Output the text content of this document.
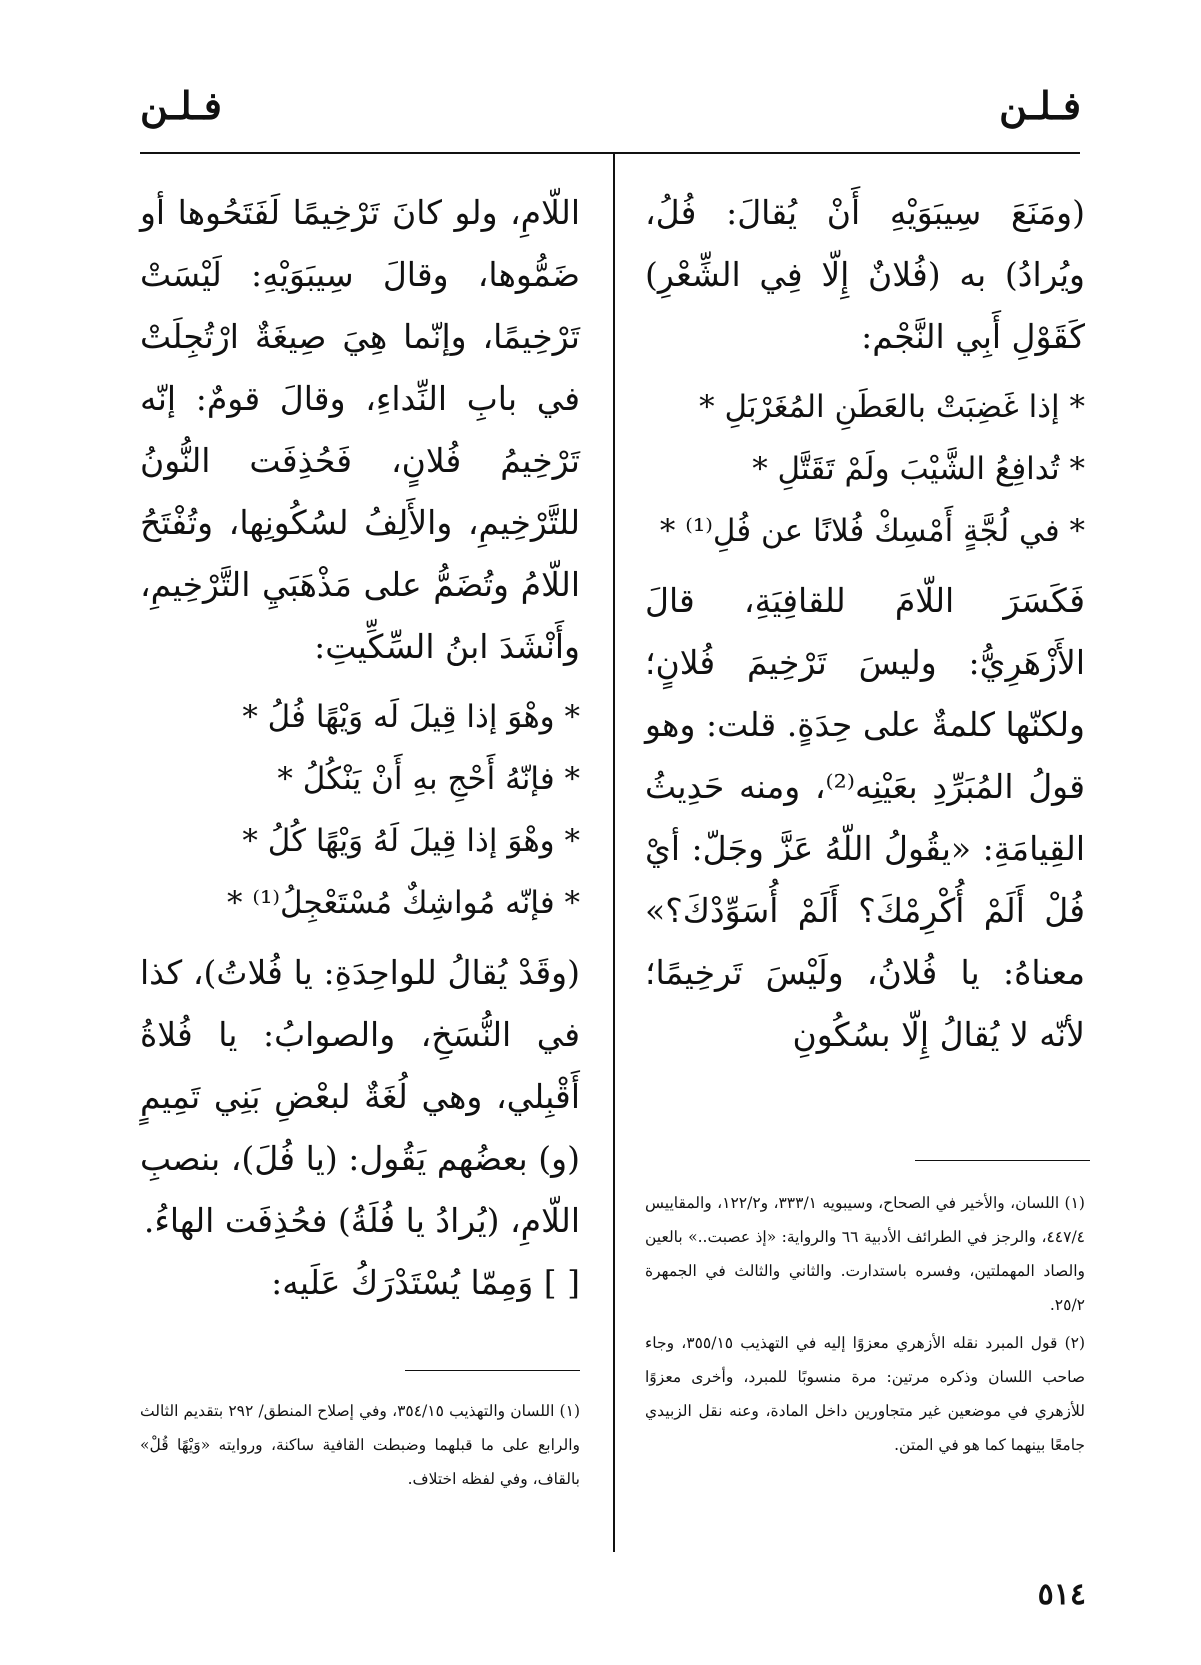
فـلـن
فـلـن

(ومَنَعَ سِيبَوَيْهِ أَنْ يُقالَ: فُلُ، ويُرادُ) به (فُلانٌ إِلّا فِي الشِّعْرِ) كَقَوْلِ أَبِي النَّجْم:

* إذا غَضِبَتْ بالعَطَنِ المُغَرْبَلِ *
* تُدافِعُ الشَّيْبَ ولَمْ تَقَتَّلِ *
* في لُجَّةٍ أَمْسِكْ فُلانًا عن فُلِ⁽¹⁾ *

فَكَسَرَ اللّامَ للقافِيَةِ، قالَ الأَزْهَرِيُّ: وليسَ تَرْخِيمَ فُلانٍ؛ ولكنّها كلمةٌ على حِدَةٍ. قلت: وهو قولُ المُبَرِّدِ بعَيْنِه⁽²⁾، ومنه حَدِيثُ القِيامَةِ: «يقُولُ اللّهُ عَزَّ وجَلّ: أيْ فُلْ أَلَمْ أُكْرِمْكَ؟ أَلَمْ أُسَوِّدْكَ؟» معناهُ: يا فُلانُ، ولَيْسَ تَرخِيمًا؛ لأنّه لا يُقالُ إِلّا بسُكُونِ

اللّامِ، ولو كانَ تَرْخِيمًا لَفَتَحُوها أو ضَمُّوها، وقالَ سِيبَوَيْهِ: لَيْسَتْ تَرْخِيمًا، وإنّما هِيَ صِيغَةٌ ارْتُجِلَتْ في بابِ النِّداءِ، وقالَ قومٌ: إنّه تَرْخِيمُ فُلانٍ، فَحُذِفَت النُّونُ للتَّرْخِيمِ، والأَلِفُ لسُكُونِها، وتُفْتَحُ اللّامُ وتُضَمُّ على مَذْهَبَيِ التَّرْخِيمِ، وأَنْشَدَ ابنُ السِّكِّيتِ:

* وهْوَ إذا قِيلَ لَه وَيْهًا فُلُ *
* فإنّهُ أَحْجِ بهِ أَنْ يَنْكُلُ *
* وهْوَ إذا قِيلَ لَهُ وَيْهًا كُلُ *
* فإنّه مُواشِكٌ مُسْتَعْجِلُ⁽¹⁾ *

(وقَدْ يُقالُ للواحِدَةِ: يا فُلاتُ)، كذا في النُّسَخِ، والصوابُ: يا فُلاةُ أَقْبِلي، وهي لُغَةٌ لبعْضِ بَنِي تَمِيمٍ (و) بعضُهم يَقُول: (يا فُلَ)، بنصبِ اللّامِ، (يُرادُ يا فُلَةُ) فحُذِفَت الهاءُ.

[ ] وَمِمّا يُسْتَدْرَكُ عَلَيه:

(١) اللسان، والأخير في الصحاح، وسيبويه ٣٣٣/١، و١٢٢/٢، والمقاييس ٤٤٧/٤، والرجز في الطرائف الأدبية ٦٦ والرواية: «إذ عصبت..» بالعين والصاد المهملتين، وفسره باستدارت. والثاني والثالث في الجمهرة ٢٥/٢.

(٢) قول المبرد نقله الأزهري معزوًا إليه في التهذيب ٣٥٥/١٥، وجاء صاحب اللسان وذكره مرتين: مرة منسوبًا للمبرد، وأخرى معزوًا للأزهري في موضعين غير متجاورين داخل المادة، وعنه نقل الزبيدي جامعًا بينهما كما هو في المتن.

(١) اللسان والتهذيب ٣٥٤/١٥، وفي إصلاح المنطق/ ٢٩٢ بتقديم الثالث والرابع على ما قبلهما وضبطت القافية ساكنة، وروايته «وَيْهًا قُلْ» بالقاف، وفي لفظه اختلاف.

٥١٤
